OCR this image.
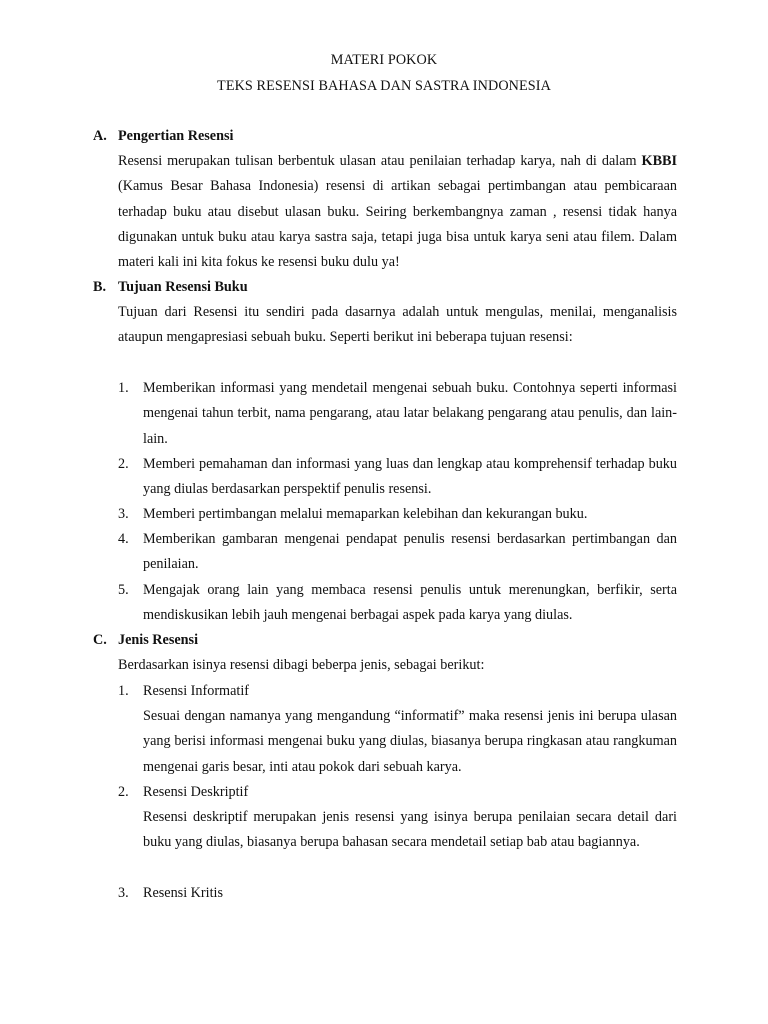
MATERI POKOK
TEKS RESENSI BAHASA DAN SASTRA INDONESIA
A. Pengertian Resensi

Resensi merupakan tulisan berbentuk ulasan atau penilaian terhadap karya, nah di dalam KBBI (Kamus Besar Bahasa Indonesia) resensi di artikan sebagai pertimbangan atau pembicaraan terhadap buku atau disebut ulasan buku. Seiring berkembangnya zaman , resensi tidak hanya digunakan untuk buku atau karya sastra saja, tetapi juga bisa untuk karya seni atau filem. Dalam materi kali ini kita fokus ke resensi buku dulu ya!

B. Tujuan Resensi Buku

Tujuan dari Resensi itu sendiri pada dasarnya adalah untuk mengulas, menilai, menganalisis ataupun mengapresiasi sebuah buku. Seperti berikut ini beberapa tujuan resensi:

1.	Memberikan informasi yang mendetail mengenai sebuah buku. Contohnya seperti informasi mengenai tahun terbit, nama pengarang, atau latar belakang pengarang atau penulis, dan lain-lain.
2.	Memberi pemahaman dan informasi yang luas dan lengkap atau komprehensif terhadap buku yang diulas berdasarkan perspektif penulis resensi.
3.	Memberi pertimbangan melalui memaparkan kelebihan dan kekurangan buku.
4.	Memberikan gambaran mengenai pendapat penulis resensi berdasarkan pertimbangan dan penilaian.
5.	Mengajak orang lain yang membaca resensi penulis untuk merenungkan, berfikir, serta mendiskusikan lebih jauh mengenai berbagai aspek pada karya yang diulas.
C. Jenis Resensi

Berdasarkan isinya resensi dibagi beberpa jenis, sebagai berikut:

1.	Resensi Informatif
Sesuai dengan namanya yang mengandung “informatif” maka resensi jenis ini berupa ulasan yang berisi informasi mengenai buku yang diulas, biasanya berupa ringkasan atau rangkuman mengenai garis besar, inti atau pokok dari sebuah karya.
2.	Resensi Deskriptif
Resensi deskriptif merupakan jenis resensi yang isinya berupa penilaian secara detail dari buku yang diulas, biasanya berupa bahasan secara mendetail setiap bab atau bagiannya.
3.	Resensi Kritis
